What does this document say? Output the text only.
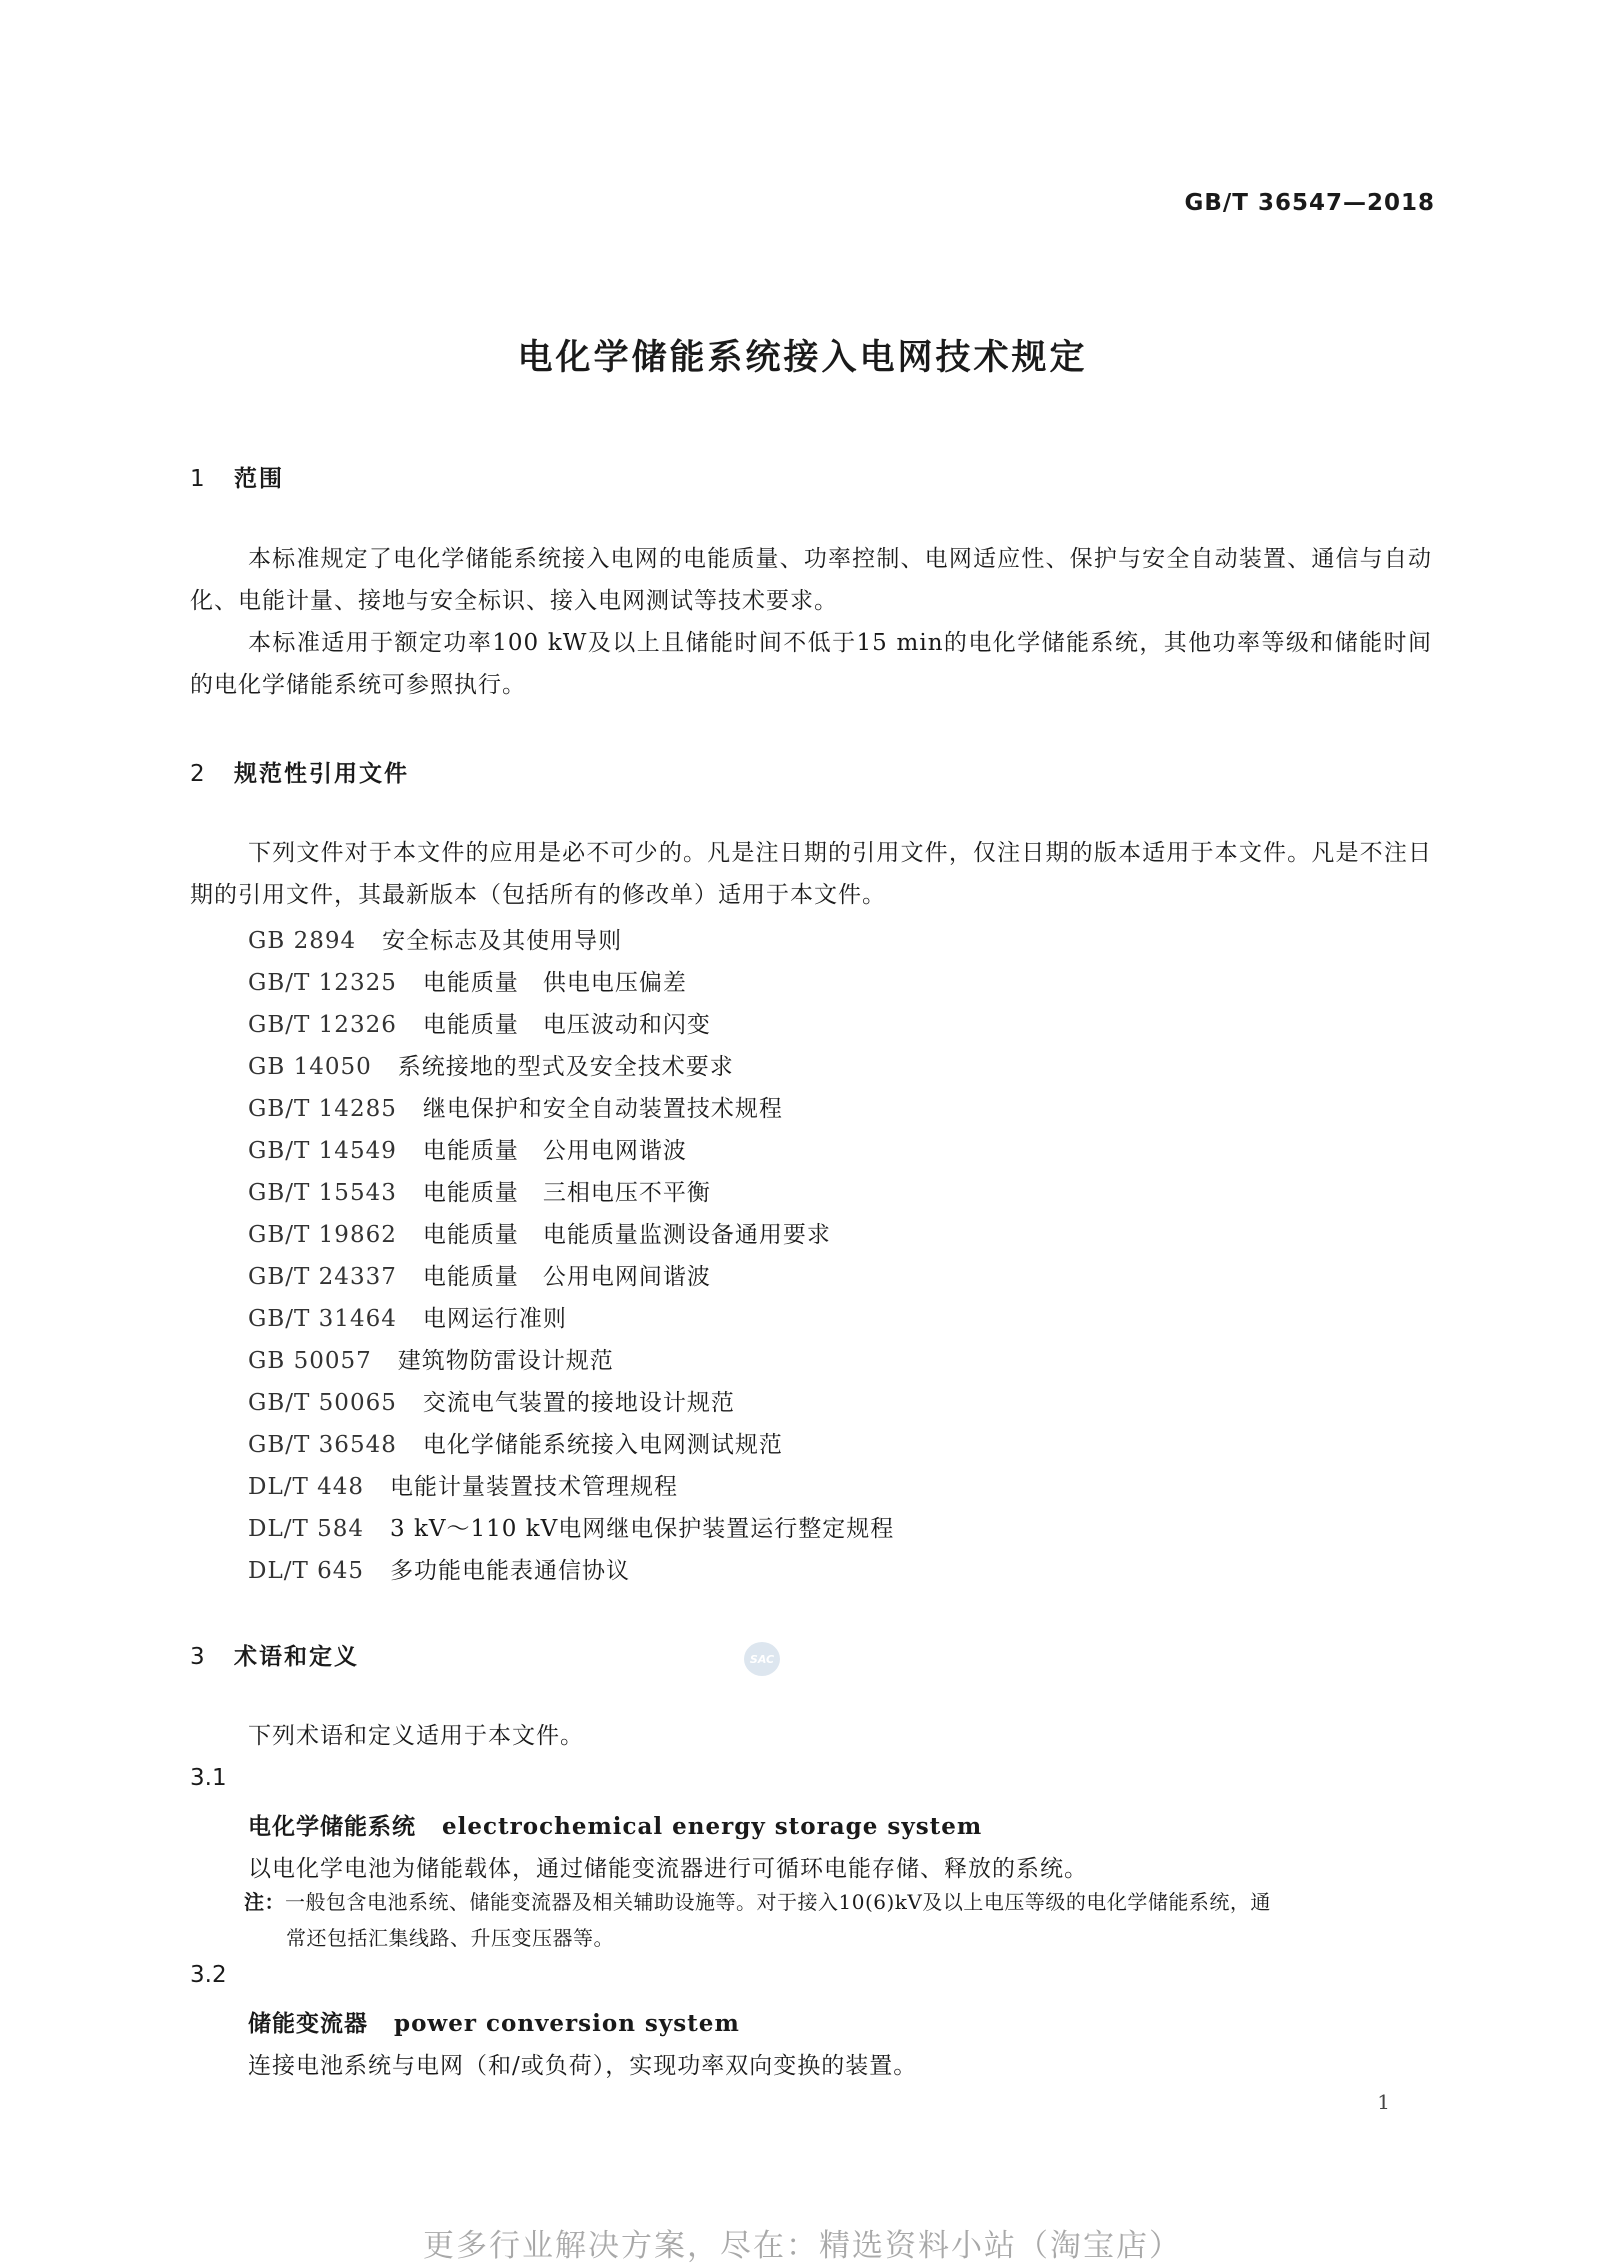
GB/T 36547—2018
电化学储能系统接入电网技术规定
1 范围
本标准规定了电化学储能系统接入电网的电能质量、功率控制、电网适应性、保护与安全自动装置、通信与自动化、电能计量、接地与安全标识、接入电网测试等技术要求。
本标准适用于额定功率100 kW及以上且储能时间不低于15 min的电化学储能系统，其他功率等级和储能时间的电化学储能系统可参照执行。
2 规范性引用文件
下列文件对于本文件的应用是必不可少的。凡是注日期的引用文件，仅注日期的版本适用于本文件。凡是不注日期的引用文件，其最新版本（包括所有的修改单）适用于本文件。
GB 2894 安全标志及其使用导则
GB/T 12325 电能质量　供电电压偏差
GB/T 12326 电能质量　电压波动和闪变
GB 14050 系统接地的型式及安全技术要求
GB/T 14285 继电保护和安全自动装置技术规程
GB/T 14549 电能质量　公用电网谐波
GB/T 15543 电能质量　三相电压不平衡
GB/T 19862 电能质量　电能质量监测设备通用要求
GB/T 24337 电能质量　公用电网间谐波
GB/T 31464 电网运行准则
GB 50057 建筑物防雷设计规范
GB/T 50065 交流电气装置的接地设计规范
GB/T 36548 电化学储能系统接入电网测试规范
DL/T 448 电能计量装置技术管理规程
DL/T 584 3 kV～110 kV电网继电保护装置运行整定规程
DL/T 645 多功能电能表通信协议
3 术语和定义	SAC
下列术语和定义适用于本文件。
3.1
电化学储能系统 electrochemical energy storage system
以电化学电池为储能载体，通过储能变流器进行可循环电能存储、释放的系统。
注：一般包含电池系统、储能变流器及相关辅助设施等。对于接入10(6)kV及以上电压等级的电化学储能系统，通
常还包括汇集线路、升压变压器等。
3.2
储能变流器 power conversion system
连接电池系统与电网（和/或负荷），实现功率双向变换的装置。
1
更多行业解决方案，尽在：精选资料小站（淘宝店）
